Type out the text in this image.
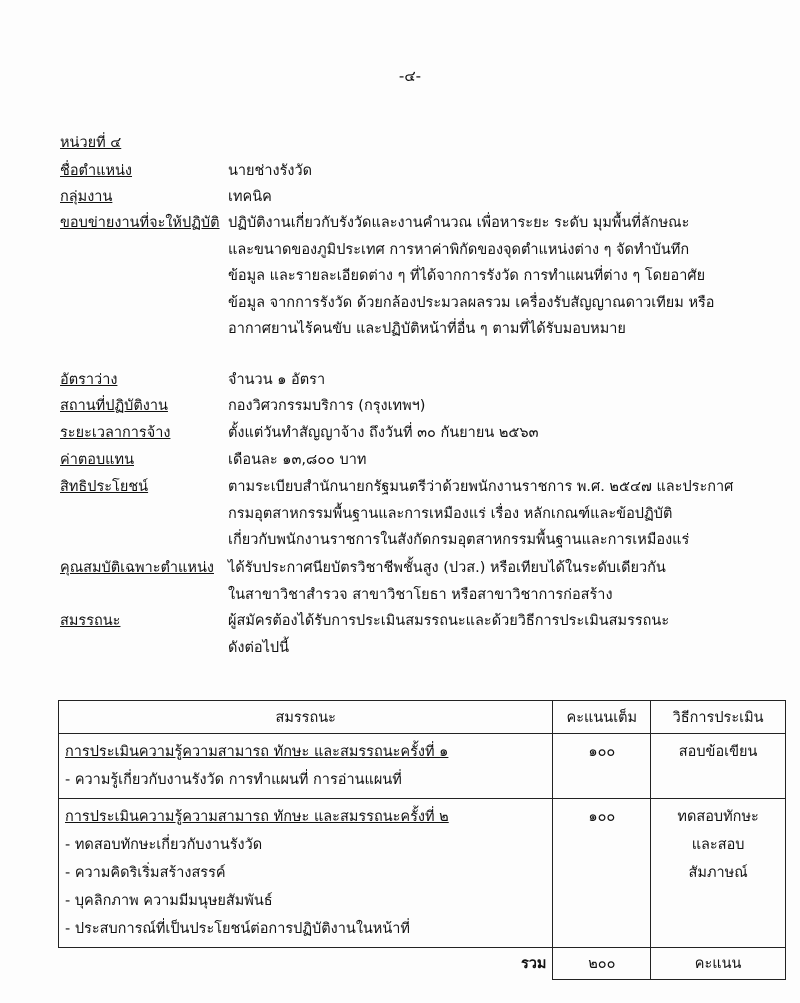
-๔-
หน่วยที่ ๔
ชื่อตำแหน่ง	นายช่างรังวัด
กลุ่มงาน	เทคนิค
ขอบข่ายงานที่จะให้ปฏิบัติ ปฏิบัติงานเกี่ยวกับรังวัดและงานคำนวณ เพื่อหาระยะ ระดับ มุมพื้นที่ลักษณะ
และขนาดของภูมิประเทศ การหาค่าพิกัดของจุดตำแหน่งต่าง ๆ จัดทำบันทึก
ข้อมูล และรายละเอียดต่าง ๆ ที่ได้จากการรังวัด การทำแผนที่ต่าง ๆ โดยอาศัย
ข้อมูล จากการรังวัด ด้วยกล้องประมวลผลรวม เครื่องรับสัญญาณดาวเทียม หรือ
อากาศยานไร้คนขับ และปฏิบัติหน้าที่อื่น ๆ ตามที่ได้รับมอบหมาย
อัตราว่าง	จำนวน ๑ อัตรา
สถานที่ปฏิบัติงาน	กองวิศวกรรมบริการ (กรุงเทพฯ)
ระยะเวลาการจ้าง	ตั้งแต่วันทำสัญญาจ้าง ถึงวันที่ ๓๐ กันยายน ๒๕๖๓
ค่าตอบแทน	เดือนละ ๑๓,๘๐๐ บาท
สิทธิประโยชน์	ตามระเบียบสำนักนายกรัฐมนตรีว่าด้วยพนักงานราชการ พ.ศ. ๒๕๔๗ และประกาศ
กรมอุตสาหกรรมพื้นฐานและการเหมืองแร่ เรื่อง หลักเกณฑ์และข้อปฏิบัติ
เกี่ยวกับพนักงานราชการในสังกัดกรมอุตสาหกรรมพื้นฐานและการเหมืองแร่
คุณสมบัติเฉพาะตำแหน่ง ได้รับประกาศนียบัตรวิชาชีพชั้นสูง (ปวส.) หรือเทียบได้ในระดับเดียวกัน
ในสาขาวิชาสำรวจ สาขาวิชาโยธา หรือสาขาวิชาการก่อสร้าง
สมรรถนะ	ผู้สมัครต้องได้รับการประเมินสมรรถนะและด้วยวิธีการประเมินสมรรถนะ
ดังต่อไปนี้
สมรรถนะ	คะแนนเต็ม	วิธีการประเมิน

การประเมินความรู้ความสามารถ ทักษะ และสมรรถนะครั้งที่ ๑
- ความรู้เกี่ยวกับงานรังวัด การทำแผนที่ การอ่านแผนที่	๑๐๐	สอบข้อเขียน

การประเมินความรู้ความสามารถ ทักษะ และสมรรถนะครั้งที่ ๒
- ทดสอบทักษะเกี่ยวกับงานรังวัด
- ความคิดริเริ่มสร้างสรรค์
- บุคลิกภาพ ความมีมนุษยสัมพันธ์
- ประสบการณ์ที่เป็นประโยชน์ต่อการปฏิบัติงานในหน้าที่	๑๐๐	ทดสอบทักษะ
และสอบ
สัมภาษณ์

รวม	๒๐๐	คะแนน
